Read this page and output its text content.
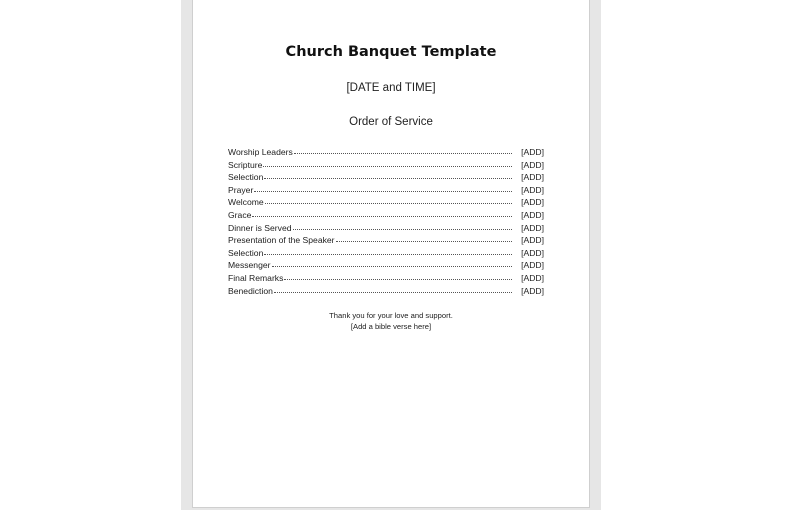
Church Banquet Template
[DATE and TIME]
Order of Service
Worship Leaders	[ADD]
Scripture	[ADD]
Selection	[ADD]
Prayer	[ADD]
Welcome	[ADD]
Grace	[ADD]
Dinner is Served	[ADD]
Presentation of the Speaker	[ADD]
Selection	[ADD]
Messenger	[ADD]
Final Remarks	[ADD]
Benediction	[ADD]
Thank you for your love and support.
[Add a bible verse here]
